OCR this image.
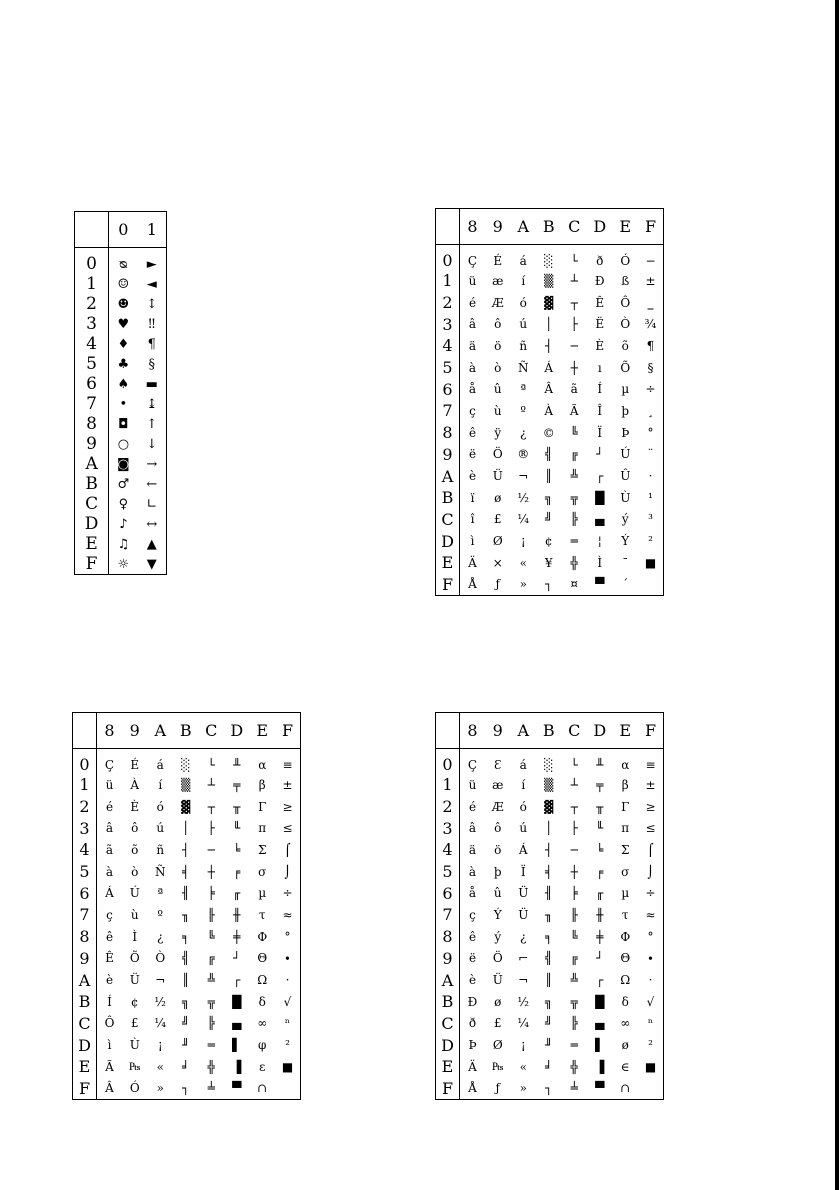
	0	1
0	ᴓ	►
1	☺	◄
2	☻	↕
3	♥	‼
4	♦	¶
5	♣	§
6	♠	▬
7	•	↨
8	◘	↑
9	○	↓
A	◙	→
B	♂	←
C	♀	∟
D	♪	↔
E	♫	▲
F	☼	▼
	8	9	A	B	C	D	E	F
0	Ç	É	á	░	└	ð	Ó	−
1	ü	æ	í	▒	┴	Ð	ß	±
2	é	Æ	ó	▓	┬	Ê	Ô	‗
3	â	ô	ú	│	├	Ë	Ò	¾
4	ä	ö	ñ	┤	─	È	õ	¶
5	à	ò	Ñ	Á	┼	ı	Õ	§
6	å	û	ª	Â	ã	Í	µ	÷
7	ç	ù	º	À	Ã	Î	þ	¸
8	ê	ÿ	¿	©	╚	Ï	Þ	°
9	ë	Ö	®	╣	╔	┘	Ú	¨
A	è	Ü	¬	║	╩	┌	Û	·
B	ï	ø	½	╗	╦	█	Ù	¹
C	î	£	¼	╝	╠	▄	ý	³
D	ì	Ø	¡	¢	═	¦	Ý	²
E	Ä	×	«	¥	╬	Ì	¯	■
F	Å	ƒ	»	┐	¤	▀	´	
	8	9	A	B	C	D	E	F
0	Ç	É	á	░	└	╨	α	≡
1	ü	À	í	▒	┴	╤	β	±
2	é	È	ó	▓	┬	╥	Γ	≥
3	â	ô	ú	│	├	╙	π	≤
4	ã	õ	ñ	┤	─	╘	Σ	⌠
5	à	ò	Ñ	╡	┼	╒	σ	⌡
6	Á	Ú	ª	╢	╞	╓	µ	÷
7	ç	ù	º	╖	╟	╫	τ	≈
8	ê	Ì	¿	╕	╚	╪	Φ	°
9	Ê	Õ	Ò	╣	╔	┘	Θ	∙
A	è	Ü	¬	║	╩	┌	Ω	·
B	Í	¢	½	╗	╦	█	δ	√
C	Ô	£	¼	╝	╠	▄	∞	ⁿ
D	ì	Ù	¡	╜	═	▌	φ	²
E	Ã	₧	«	╛	╬	▐	ε	■
F	Â	Ó	»	┐	╧	▀	∩	
	8	9	A	B	C	D	E	F
0	Ç	Ɛ	á	░	└	╨	α	≡
1	ü	æ	í	▒	┴	╤	β	±
2	é	Æ	ó	▓	┬	╥	Γ	≥
3	â	ô	ú	│	├	╙	π	≤
4	ä	ö	Á	┤	─	╘	Σ	⌠
5	à	þ	Ï	╡	┼	╒	σ	⌡
6	å	û	Ü	╢	╞	╓	µ	÷
7	ç	Ý	Ü	╖	╟	╫	τ	≈
8	ê	ý	¿	╕	╚	╪	Φ	°
9	ë	Ö	⌐	╣	╔	┘	Θ	∙
A	è	Ü	¬	║	╩	┌	Ω	·
B	Ð	ø	½	╗	╦	█	δ	√
C	ð	£	¼	╝	╠	▄	∞	ⁿ
D	Þ	Ø	¡	╜	═	▌	ø	²
E	Ä	₧	«	╛	╬	▐	∈	■
F	Å	ƒ	»	┐	╧	▀	∩	
